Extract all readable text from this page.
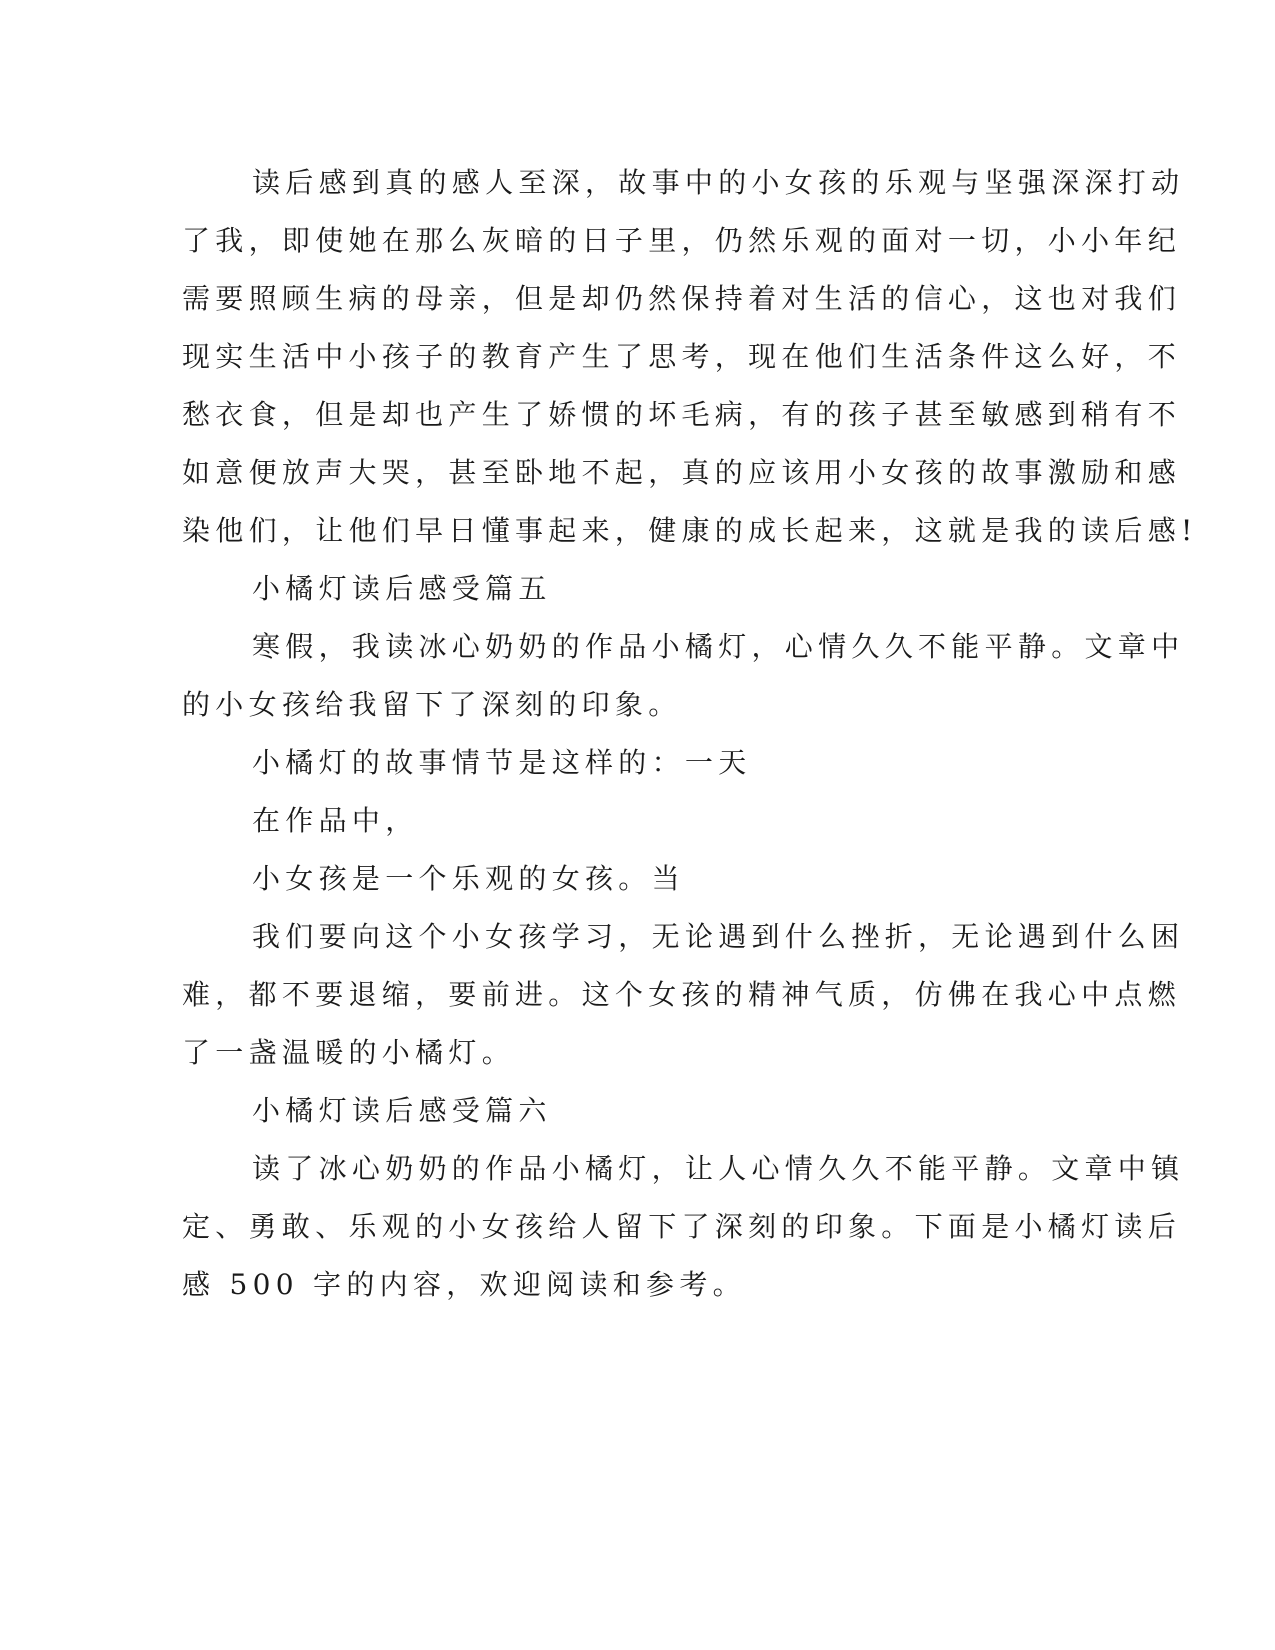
读后感到真的感人至深，故事中的小女孩的乐观与坚强深深打动
了我，即使她在那么灰暗的日子里，仍然乐观的面对一切，小小年纪
需要照顾生病的母亲，但是却仍然保持着对生活的信心，这也对我们
现实生活中小孩子的教育产生了思考，现在他们生活条件这么好，不
愁衣食，但是却也产生了娇惯的坏毛病，有的孩子甚至敏感到稍有不
如意便放声大哭，甚至卧地不起，真的应该用小女孩的故事激励和感
染他们，让他们早日懂事起来，健康的成长起来，这就是我的读后感!
小橘灯读后感受篇五
寒假，我读冰心奶奶的作品小橘灯，心情久久不能平静。文章中
的小女孩给我留下了深刻的印象。
小橘灯的故事情节是这样的：一天
在作品中，
小女孩是一个乐观的女孩。当
我们要向这个小女孩学习，无论遇到什么挫折，无论遇到什么困
难，都不要退缩，要前进。这个女孩的精神气质，仿佛在我心中点燃
了一盏温暖的小橘灯。
小橘灯读后感受篇六
读了冰心奶奶的作品小橘灯，让人心情久久不能平静。文章中镇
定、勇敢、乐观的小女孩给人留下了深刻的印象。下面是小橘灯读后
感 500 字的内容，欢迎阅读和参考。
